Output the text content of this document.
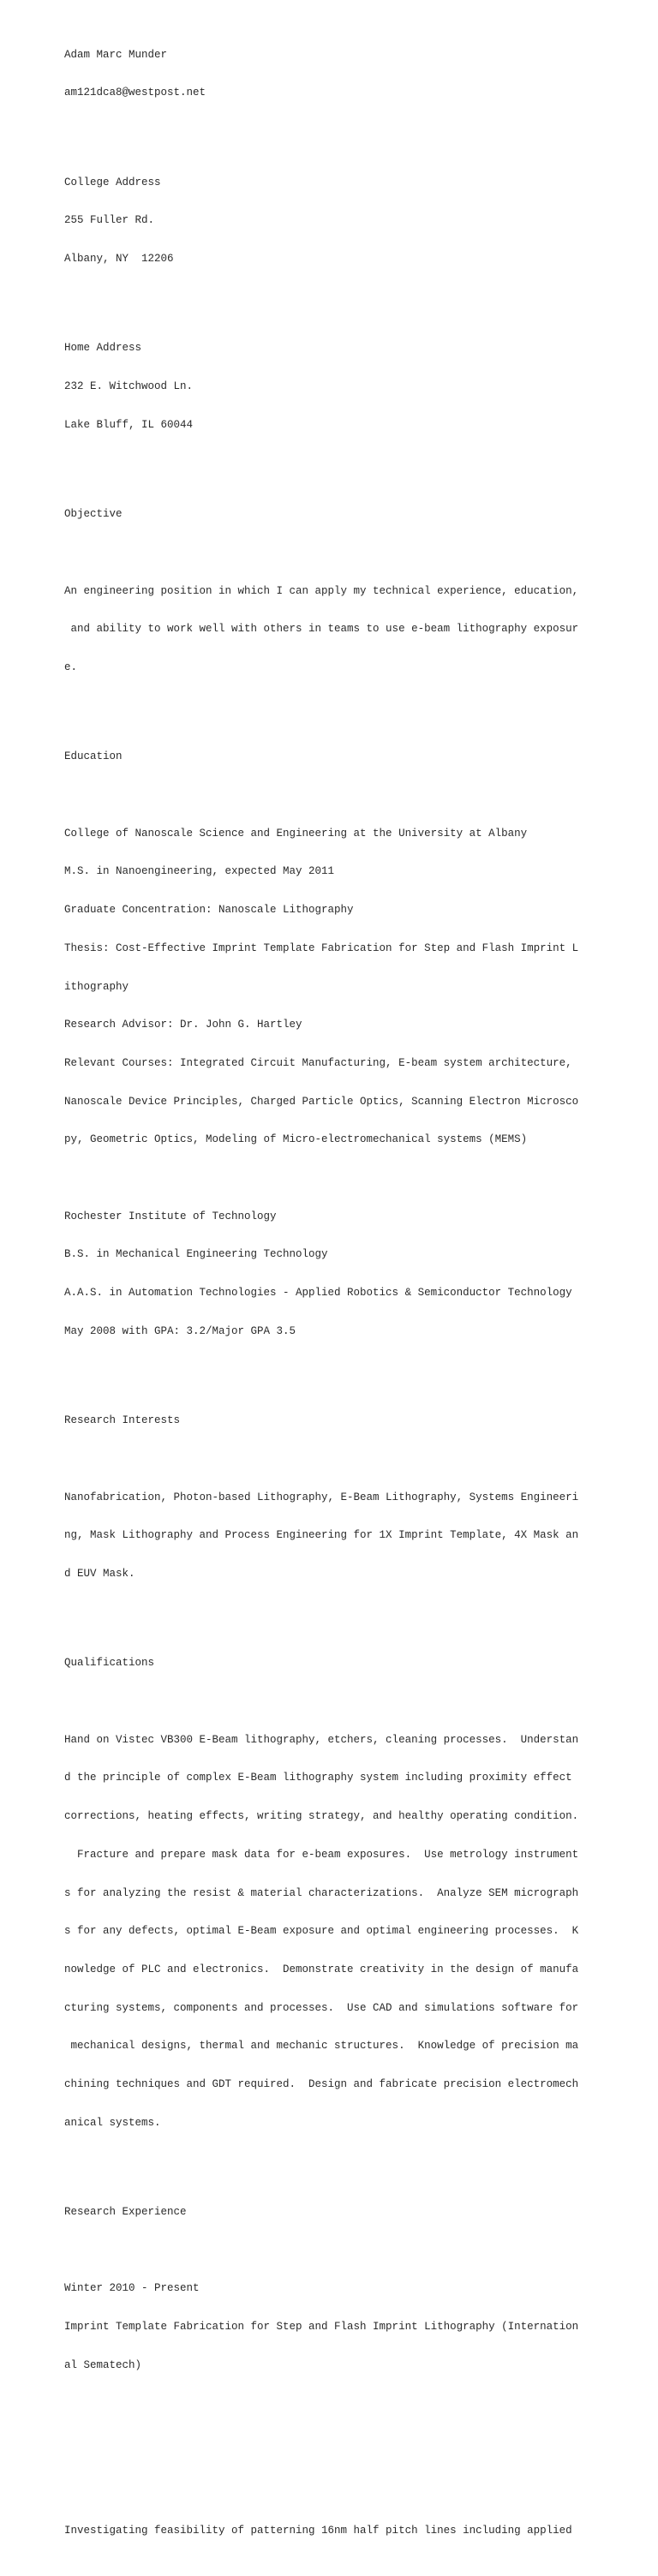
Adam Marc Munder

am121dca8@westpost.net

College Address

255 Fuller Rd.

Albany, NY  12206

Home Address

232 E. Witchwood Ln.

Lake Bluff, IL 60044

Objective

An engineering position in which I can apply my technical experience, education,

and ability to work well with others in teams to use e-beam lithography exposur

e.

Education

College of Nanoscale Science and Engineering at the University at Albany

M.S. in Nanoengineering, expected May 2011

Graduate Concentration: Nanoscale Lithography

Thesis: Cost-Effective Imprint Template Fabrication for Step and Flash Imprint L

ithography

Research Advisor: Dr. John G. Hartley

Relevant Courses: Integrated Circuit Manufacturing, E-beam system architecture,

Nanoscale Device Principles, Charged Particle Optics, Scanning Electron Microsco

py, Geometric Optics, Modeling of Micro-electromechanical systems (MEMS)

Rochester Institute of Technology

B.S. in Mechanical Engineering Technology

A.A.S. in Automation Technologies - Applied Robotics & Semiconductor Technology

May 2008 with GPA: 3.2/Major GPA 3.5

Research Interests

Nanofabrication, Photon-based Lithography, E-Beam Lithography, Systems Engineeri

ng, Mask Lithography and Process Engineering for 1X Imprint Template, 4X Mask an

d EUV Mask.

Qualifications

Hand on Vistec VB300 E-Beam lithography, etchers, cleaning processes.  Understan

d the principle of complex E-Beam lithography system including proximity effect

corrections, heating effects, writing strategy, and healthy operating condition.

Fracture and prepare mask data for e-beam exposures.  Use metrology instrument

s for analyzing the resist & material characterizations.  Analyze SEM micrograph

s for any defects, optimal E-Beam exposure and optimal engineering processes.  K

nowledge of PLC and electronics.  Demonstrate creativity in the design of manufa

cturing systems, components and processes.  Use CAD and simulations software for

mechanical designs, thermal and mechanic structures.  Knowledge of precision ma

chining techniques and GDT required.  Design and fabricate precision electromech

anical systems.

Research Experience

Winter 2010 - Present

Imprint Template Fabrication for Step and Flash Imprint Lithography (Internation

al Sematech)

Investigating feasibility of patterning 16nm half pitch lines including applied
